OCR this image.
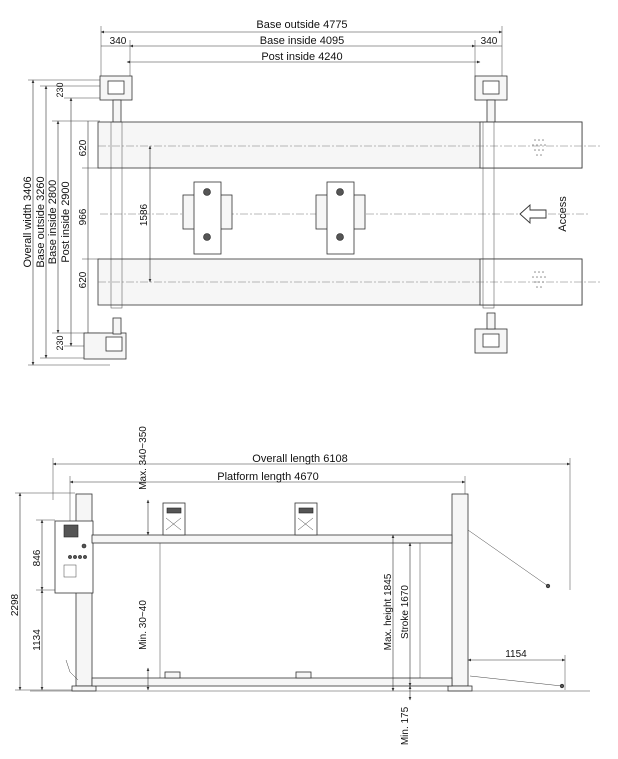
Base outside 4775
340	Base inside 4095	340
Post inside 4240
Overall width 3406 Base outside 3260 Base inside 2800 Post inside 2900
230
230
620
966
620
1586	Access
Overall length 6108
Platform length 4670
Max. 340~350
2298
846
1134	Min. 30~40	Max. height 1845 Stroke 1670
Min. 175
1154
